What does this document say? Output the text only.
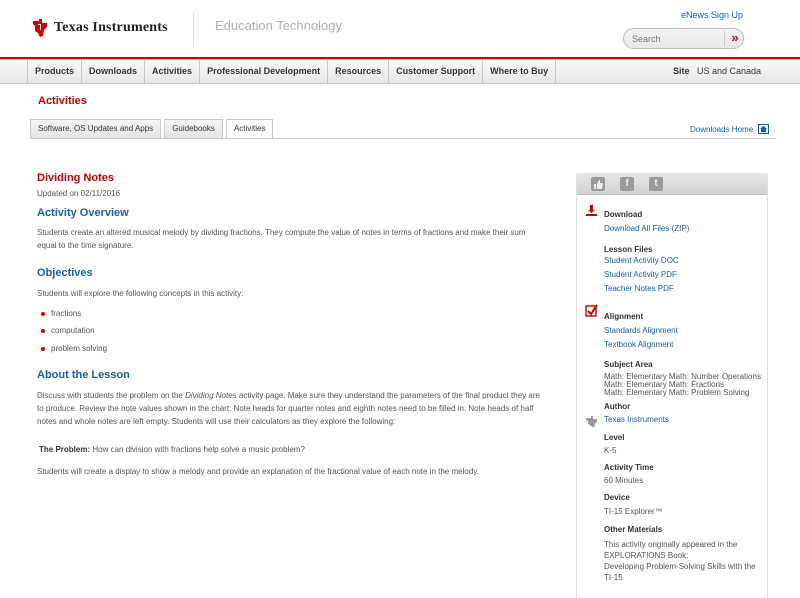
Texas Instruments	Education Technology
eNews Sign Up
Search
»
Products	Downloads	Activities	Professional Development	Resources	Customer Support	Where to Buy	Site US and Canada
Activities
Software, OS Updates and Apps	Guidebooks	Activities	Downloads Home
Dividing Notes
Updated on 02/11/2016
Activity Overview
Students create an altered musical melody by dividing fractions. They compute the value of notes in terms of fractions and make their sum equal to the time signature.
Objectives
Students will explore the following concepts in this activity:
fractions
computation
problem solving
About the Lesson
Discuss with students the problem on the Dividing Notes activity page. Make sure they understand the parameters of the final product they are to produce. Review the note values shown in the chart. Note heads for quarter notes and eighth notes need to be filled in. Note heads of half notes and whole notes are left empty. Students will use their calculators as they explore the following:
The Problem: How can division with fractions help solve a music problem?
Students will create a display to show a melody and provide an explanation of the fractional value of each note in the melody.
f	t
Download
Download All Files (ZIP)
Lesson Files
Student Activity DOC
Student Activity PDF
Teacher Notes PDF
Alignment
Standards Alignment
Textbook Alignment
Subject Area
Math: Elementary Math: Number Operations
Math: Elementary Math: Fractions
Math: Elementary Math: Problem Solving
Author
Texas Instruments
Level
K-5
Activity Time
60 Minutes
Device
TI-15 Explorer™
Other Materials
This activity originally appeared in the
EXPLORATIONS Book:
Developing Problem-Solving Skills with the
TI-15
